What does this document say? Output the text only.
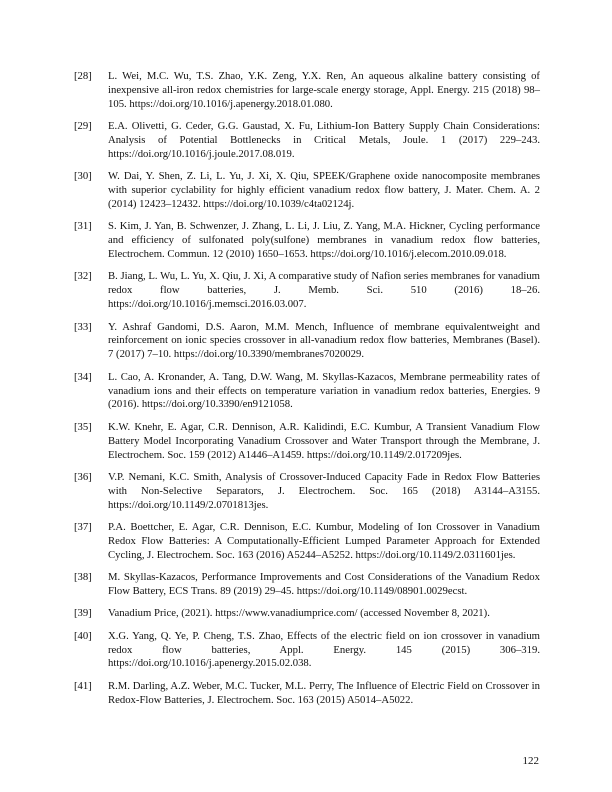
[28] L. Wei, M.C. Wu, T.S. Zhao, Y.K. Zeng, Y.X. Ren, An aqueous alkaline battery consisting of inexpensive all-iron redox chemistries for large-scale energy storage, Appl. Energy. 215 (2018) 98–105. https://doi.org/10.1016/j.apenergy.2018.01.080.
[29] E.A. Olivetti, G. Ceder, G.G. Gaustad, X. Fu, Lithium-Ion Battery Supply Chain Considerations: Analysis of Potential Bottlenecks in Critical Metals, Joule. 1 (2017) 229–243. https://doi.org/10.1016/j.joule.2017.08.019.
[30] W. Dai, Y. Shen, Z. Li, L. Yu, J. Xi, X. Qiu, SPEEK/Graphene oxide nanocomposite membranes with superior cyclability for highly efficient vanadium redox flow battery, J. Mater. Chem. A. 2 (2014) 12423–12432. https://doi.org/10.1039/c4ta02124j.
[31] S. Kim, J. Yan, B. Schwenzer, J. Zhang, L. Li, J. Liu, Z. Yang, M.A. Hickner, Cycling performance and efficiency of sulfonated poly(sulfone) membranes in vanadium redox flow batteries, Electrochem. Commun. 12 (2010) 1650–1653. https://doi.org/10.1016/j.elecom.2010.09.018.
[32] B. Jiang, L. Wu, L. Yu, X. Qiu, J. Xi, A comparative study of Nafion series membranes for vanadium redox flow batteries, J. Memb. Sci. 510 (2016) 18–26. https://doi.org/10.1016/j.memsci.2016.03.007.
[33] Y. Ashraf Gandomi, D.S. Aaron, M.M. Mench, Influence of membrane equivalentweight and reinforcement on ionic species crossover in all-vanadium redox flow batteries, Membranes (Basel). 7 (2017) 7–10. https://doi.org/10.3390/membranes7020029.
[34] L. Cao, A. Kronander, A. Tang, D.W. Wang, M. Skyllas-Kazacos, Membrane permeability rates of vanadium ions and their effects on temperature variation in vanadium redox batteries, Energies. 9 (2016). https://doi.org/10.3390/en9121058.
[35] K.W. Knehr, E. Agar, C.R. Dennison, A.R. Kalidindi, E.C. Kumbur, A Transient Vanadium Flow Battery Model Incorporating Vanadium Crossover and Water Transport through the Membrane, J. Electrochem. Soc. 159 (2012) A1446–A1459. https://doi.org/10.1149/2.017209jes.
[36] V.P. Nemani, K.C. Smith, Analysis of Crossover-Induced Capacity Fade in Redox Flow Batteries with Non-Selective Separators, J. Electrochem. Soc. 165 (2018) A3144–A3155. https://doi.org/10.1149/2.0701813jes.
[37] P.A. Boettcher, E. Agar, C.R. Dennison, E.C. Kumbur, Modeling of Ion Crossover in Vanadium Redox Flow Batteries: A Computationally-Efficient Lumped Parameter Approach for Extended Cycling, J. Electrochem. Soc. 163 (2016) A5244–A5252. https://doi.org/10.1149/2.0311601jes.
[38] M. Skyllas-Kazacos, Performance Improvements and Cost Considerations of the Vanadium Redox Flow Battery, ECS Trans. 89 (2019) 29–45. https://doi.org/10.1149/08901.0029ecst.
[39] Vanadium Price, (2021). https://www.vanadiumprice.com/ (accessed November 8, 2021).
[40] X.G. Yang, Q. Ye, P. Cheng, T.S. Zhao, Effects of the electric field on ion crossover in vanadium redox flow batteries, Appl. Energy. 145 (2015) 306–319. https://doi.org/10.1016/j.apenergy.2015.02.038.
[41] R.M. Darling, A.Z. Weber, M.C. Tucker, M.L. Perry, The Influence of Electric Field on Crossover in Redox-Flow Batteries, J. Electrochem. Soc. 163 (2015) A5014–A5022.
122
